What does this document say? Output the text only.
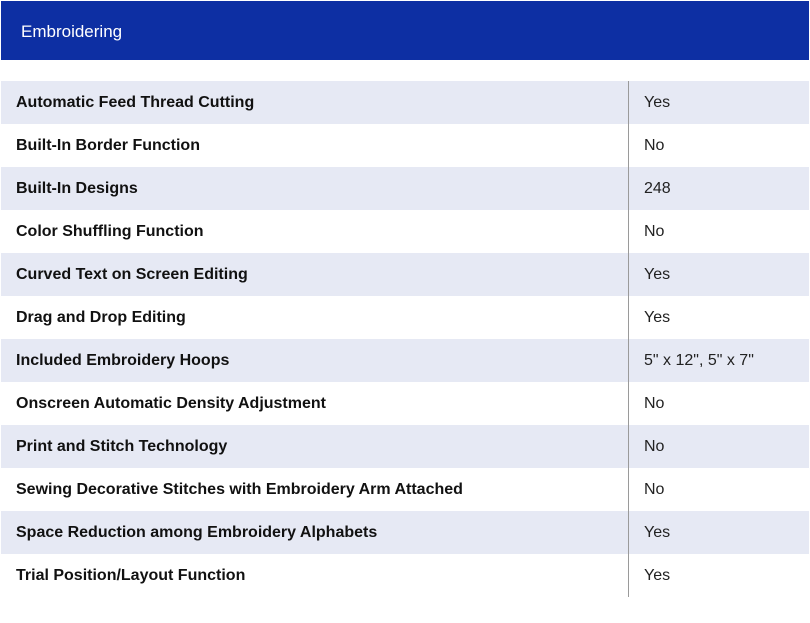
Embroidering
Automatic Feed Thread Cutting	Yes
Built-In Border Function	No
Built-In Designs	248
Color Shuffling Function	No
Curved Text on Screen Editing	Yes
Drag and Drop Editing	Yes
Included Embroidery Hoops	5" x 12", 5" x 7"
Onscreen Automatic Density Adjustment	No
Print and Stitch Technology	No
Sewing Decorative Stitches with Embroidery Arm Attached	No
Space Reduction among Embroidery Alphabets	Yes
Trial Position/Layout Function	Yes
